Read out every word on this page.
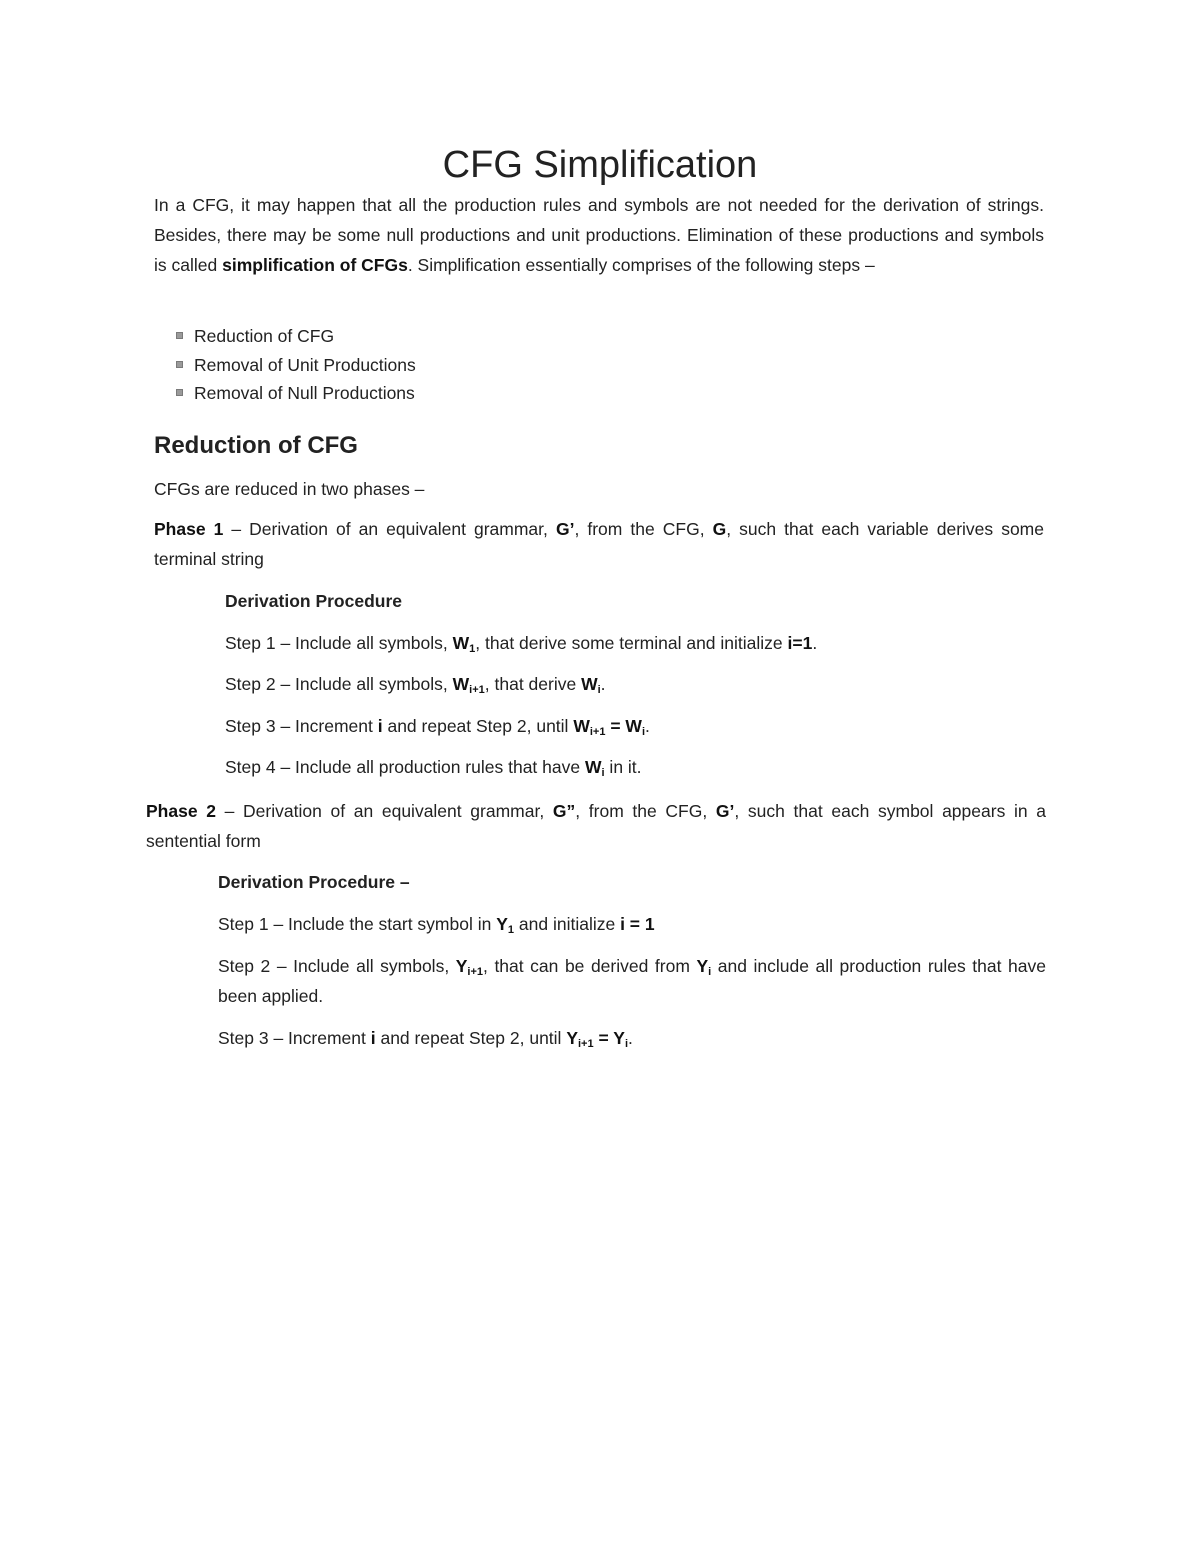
CFG Simplification
In a CFG, it may happen that all the production rules and symbols are not needed for the derivation of strings. Besides, there may be some null productions and unit productions. Elimination of these productions and symbols is called simplification of CFGs. Simplification essentially comprises of the following steps –
Reduction of CFG
Removal of Unit Productions
Removal of Null Productions
Reduction of CFG
CFGs are reduced in two phases –
Phase 1 – Derivation of an equivalent grammar, G’, from the CFG, G, such that each variable derives some terminal string
Derivation Procedure
Step 1 – Include all symbols, $W_1$, that derive some terminal and initialize i=1.
Step 2 – Include all symbols, $W_{i+1}$, that derive $W_i$.
Step 3 – Increment i and repeat Step 2, until $W_{i+1} = W_i$.
Step 4 – Include all production rules that have $W_i$ in it.
Phase 2 – Derivation of an equivalent grammar, G”, from the CFG, G’, such that each symbol appears in a sentential form
Derivation Procedure –
Step 1 – Include the start symbol in $Y_1$ and initialize i = 1
Step 2 – Include all symbols, $Y_{i+1}$, that can be derived from $Y_i$ and include all production rules that have been applied.
Step 3 – Increment i and repeat Step 2, until $Y_{i+1} = Y_i$.
